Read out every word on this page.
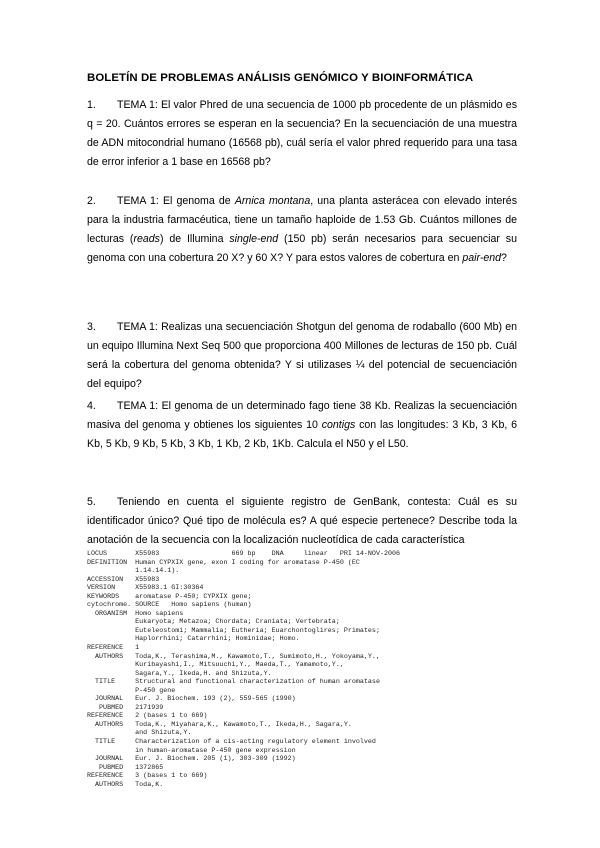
BOLETÍN DE PROBLEMAS ANÁLISIS GENÓMICO Y BIOINFORMÁTICA
1. TEMA 1: El valor Phred de una secuencia de 1000 pb procedente de un plásmido es q = 20. Cuántos errores se esperan en la secuencia? En la secuenciación de una muestra de ADN mitocondrial humano (16568 pb), cuál sería el valor phred requerido para una tasa de error inferior a 1 base en 16568 pb?
2. TEMA 1: El genoma de Arnica montana, una planta asterácea con elevado interés para la industria farmacéutica, tiene un tamaño haploide de 1.53 Gb. Cuántos millones de lecturas (reads) de Illumina single-end (150 pb) serán necesarios para secuenciar su genoma con una cobertura 20 X? y 60 X? Y para estos valores de cobertura en pair-end?
3. TEMA 1: Realizas una secuenciación Shotgun del genoma de rodaballo (600 Mb) en un equipo Illumina Next Seq 500 que proporciona 400 Millones de lecturas de 150 pb. Cuál será la cobertura del genoma obtenida? Y si utilizases ¼ del potencial de secuenciación del equipo?
4. TEMA 1: El genoma de un determinado fago tiene 38 Kb. Realizas la secuenciación masiva del genoma y obtienes los siguientes 10 contigs con las longitudes: 3 Kb, 3 Kb, 6 Kb, 5 Kb, 9 Kb, 5 Kb, 3 Kb, 1 Kb, 2 Kb, 1Kb. Calcula el N50 y el L50.
5. Teniendo en cuenta el siguiente registro de GenBank, contesta: Cuál es su identificador único? Qué tipo de molécula es? A qué especie pertenece? Describe toda la anotación de la secuencia con la localización nucleotídica de cada característica
LOCUS       X55983                  669 bp    DNA     linear   PRI 14-NOV-2006
DEFINITION  Human CYPXIX gene, exon I coding for aromatase P-450 (EC
1.14.14.1).
ACCESSION   X55983
VERSION     X55983.1 GI:30364
KEYWORDS    aromatase P-450; CYPXIX gene;
cytochrome. SOURCE   Homo sapiens (human)
ORGANISM  Homo sapiens
Eukaryota; Metazoa; Chordata; Craniata; Vertebrata;
Euteleostomi; Mammalia; Eutheria; Euarchontoglires; Primates;
Haplorrhini; Catarrhini; Hominidae; Homo.
REFERENCE   1
AUTHORS   Toda,K., Terashima,M., Kawamoto,T., Sumimoto,H., Yokoyama,Y.,
Kuribayashi,I., Mitsuuchi,Y., Maeda,T., Yamamoto,Y.,
Sagara,Y., Ikeda,H. and Shizuta,Y.
TITLE     Structural and functional characterization of human aromatase
P-450 gene
JOURNAL   Eur. J. Biochem. 193 (2), 559-565 (1990)
PUBMED   2171939
REFERENCE   2 (bases 1 to 669)
AUTHORS   Toda,K., Miyahara,K., Kawamoto,T., Ikeda,H., Sagara,Y.
and Shizuta,Y.
TITLE     Characterization of a cis-acting regulatory element involved
in human-aromatase P-450 gene expression
JOURNAL   Eur. J. Biochem. 205 (1), 303-309 (1992)
PUBMED   1372865
REFERENCE   3 (bases 1 to 669)
AUTHORS   Toda,K.
